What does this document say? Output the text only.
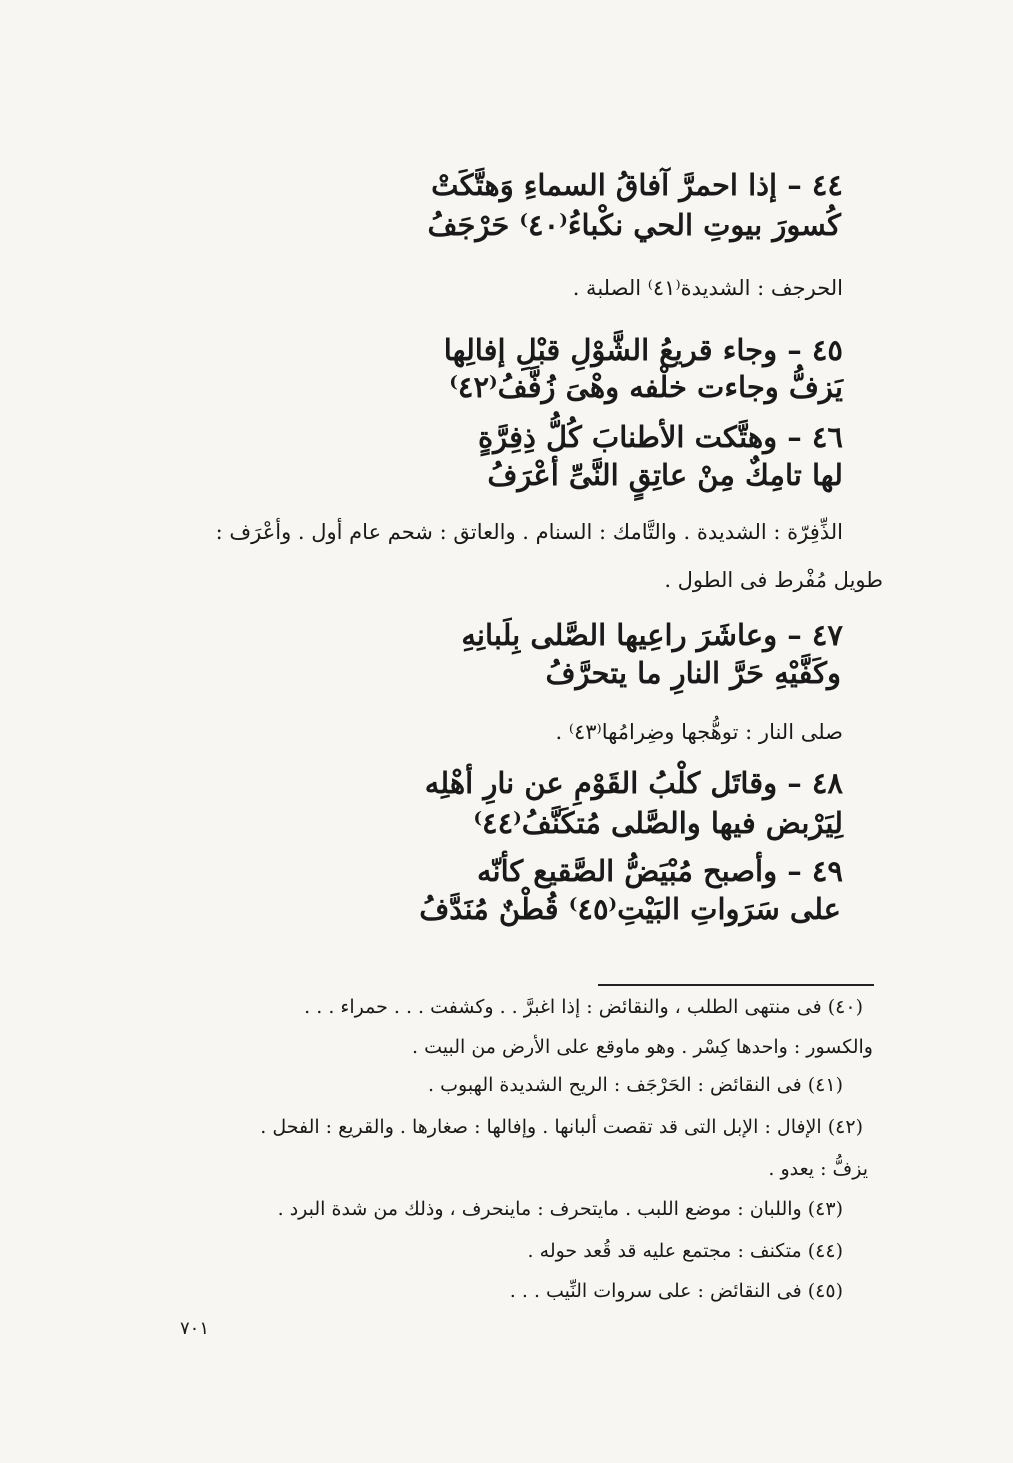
٤٤ – إذا احمرَّ آفاقُ السماءِ وَهتَّكَتْ
كُسورَ بيوتِ الحي نكْباءُ⁽٤٠⁾ حَرْجَفُ
الحرجف : الشديدة⁽٤١⁾ الصلبة .
٤٥ – وجاء قريعُ الشَّوْلِ قبْلِ إفالِها
يَزفُّ وجاءت خلْفه وهْىَ زُفَّفُ⁽٤٢⁾
٤٦ – وهتَّكت الأطنابَ كُلُّ ذِفِرَّةٍ
لها تامِكٌ مِنْ عاتِقٍ النَّىِّ أعْرَفُ
الذِّفِرّة : الشديدة . والتَّامك : السنام . والعاتق : شحم عام أول . وأعْرَف :
طويل مُفْرط فى الطول .
٤٧ – وعاشَرَ راعِيها الصَّلى بِلَبانِهِ
وكَفَّيْهِ حَرَّ النارِ ما يتحرَّفُ
صلى النار : توهُّجها وضِرامُها⁽٤٣⁾ .
٤٨ – وقاتَل كلْبُ القَوْمِ عن نارِ أهْلِه
لِيَرْبض فيها والصَّلى مُتكَنَّفُ⁽٤٤⁾
٤٩ – وأصبح مُبْيَضُّ الصَّقيع كأنّه
على سَرَواتِ البَيْتِ⁽٤٥⁾ قُطْنٌ مُنَدَّفُ
(٤٠) فى منتهى الطلب ، والنقائض : إذا اغبرَّ . . وكشفت . . . حمراء . . .
والكسور : واحدها كِسْر . وهو ماوقع على الأرض من البيت .
(٤١) فى النقائض : الحَرْجَف : الريح الشديدة الهبوب .
(٤٢) الإفال : الإبل التى قد تقصت ألبانها . وإفالها : صغارها . والقريع : الفحل .
يزفُّ : يعدو .
(٤٣) واللبان : موضع اللبب . مايتحرف : ماينحرف ، وذلك من شدة البرد .
(٤٤) متكنف : مجتمع عليه قد قُعد حوله .
(٤٥) فى النقائض : على سروات النِّيب . . .
٧٠١
